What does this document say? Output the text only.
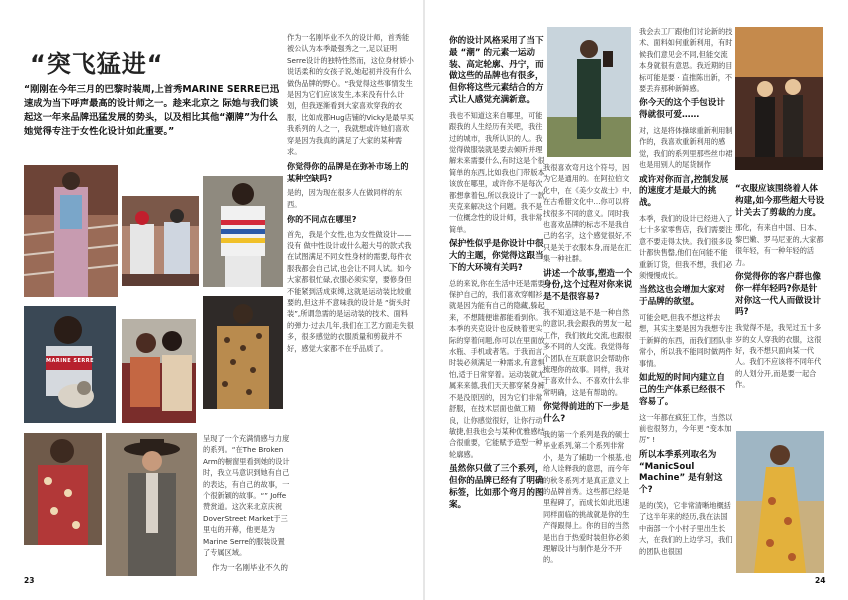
“突飞猛进“
“刚刚在今年三月的巴黎时装周,上首秀MARINE SERRE已迅速成为当下呼声最高的设计师之一。趁来北京之 际她与我们谈起这一年来品牌迅猛发展的势头，以及相比其他“潮牌”为什么她觉得专注于女性化设计如此重要。”
MARINE SERRE

作为一名刚毕业不久的设计师，首秀能被公认为本季最强秀之一,足以证明Serre设计的独特性然而，这位身材娇小说话柔和的女孩子说,她起初并没有什么做伪品牌的野心。“我觉得这些事情发生是因为它们应该发生,本来没有什么计划，但我逐渐看到大家喜欢穿我的衣服，比如成都Hug店铺的Vicky是最早买我系列的人之一，我就想或许她们喜欢穿是因为我真的满足了大家的某种需求。

你觉得你的品牌是在弥补市场上的某种空缺吗?

是的，因为现在很多人在做同样的东西。

你的不同点在哪里?

首先，我是个女性,也为女性做设计——没有 做中性设计或什么超大号的款式我在试图满足不同女性身材的需要,每件衣服我都会自己试,也会让不同人试。如今大家都很忙碌,衣服必须实穿，要修身但不能紧到活成束缚,这就是运动装比较重要的,但这并不意味我的设计是 “街头时装”,所谓急需的是运动装的技术、面料的弹力·过去几年,我们在工艺方面走失很多，很多感觉的衣服质量和剪裁并不好，感觉大家都不在乎品质了。

呈现了一个充满情感与力度的系列。“在The Broken Arm的橱窗里看到她的设计时，我立马意识到她有自己的表达，有自己的故事，一个很新颖的故事。“” Joffe赞赏道。这次来北京庆祝DoverStreet Market于三里屯的开幕，他更是为Marine Serre的服装设置了专属区域。

作为一名刚毕业不久的
23
你的设计风格采用了当下最 “潮” 的元素一运动装、高定轮廓、丹宁，而做这些的品牌也有很多，但你将这些元素结合的方式让人感觉充满新意。

我也不知道这来自哪里，可能跟我的人生经历有关吧，我往过的城市，我所认识的人。我觉得做服装就是要去倾听并理解未来需要什么,有时这是个很简单的东西,比如我也门带版本该放在哪里，或许你不是每次都想拿着包,所以我设计了一款夹克来解决这个问题。我不是一位概念性的设计师，我非常简单。

保护性似乎是你设计中很大的主题，你觉得这跟当下的大环境有关吗?

总的来说,你在生活中还是需要保护自己的，我们喜欢穿帽衫就是因为能有自己的隐藏,躲起来，不想随便谁都能看到你。本季的夹克设计也反映着更实际的穿着问题,你可以在里面放水瓶、手机或者笔。于我而言,时装必须满足一种需求,有意惧怕,适于日常穿着。运动装就尤属来来德,我们天天都穿紧身裤不是没原因的，因为它们非常舒服，在技术层面也做工精良，让你感觉很好，让你行动敏捷,但我也会与某种优雅感结合很重要，它能赋予造型一种轮廓感。

虽然你只做了三个系列，但你的品牌已经有了明确标签，比如那个弯月的图案。

我很喜欢弯月这个符号，因为它是通用的。在阿拉伯文化中，在《美少女战士》中,在古希腊文化中…你可以将找很多不同的意义。同时我也喜欢品牌的标志不是我自己的名字，这个感觉很好,不只是关于衣服本身,而是在汇集一种社群。

讲述一个故事,塑造一个身份,这个过程对你来说是不是很容易?

我不知道这是不是一种自然的意识,我会跟我的男友一起工作，我们彼此交流,也跟很多不同的人交流。我觉得每个团队在互联意识会帮助你梳理你的故事。同样，我对于喜欢什么、不喜欢什么非常明确，这是有帮助的。

你觉得前进的下一步是什么?

我的第一个系列是我的硕士毕业系列,第二个系列非常小，是为了辅助一个根基,也给人诠释我的意思，而今年的秋冬系列才是真正意义上的品牌首秀。这些都已经是里程碑了，而成长如此迅速同样面临的挑战就是你的生产得跟得上。你的目的当然是出自于热爱时装但你必须理解设计与制作是分不开的。

我会去工厂跟他们讨论新的技术、面料如何重新利用，有时候我们意见会不同,但能交流本身就很有意思。我近期的目标可能是要 · 直推陈出新，不要丢弃那种新鲜感。

你今天的这个手包设计得就很可爱……

对，这是将体操球重新利用制作的，我喜欢重新利用的感觉，我们的系列里那些丝巾裙也是用别人的尾货制作

或许对你而言,控制发展的速度才是最大的挑战。

本季，我们的设计已经进入了七十多家零售店，我们需要注意不要走得太快。我们很多设计都快售罄,他们在问能不能重新订货，但我不想，我们必须慢慢成长。

当然这也会增加大家对于品牌的欲望。

可能会吧,但我不想这样去想，其实主要是因为我想专注于新鲜的东西，而我们团队非常小，所以我不能同时做两件事情。

如此短的时间内建立自己的生产体系已经很不容易了。

这一年都在疯狂工作，当然以前也很努力，今年更 “变本加厉” !

所以本季系列取名为 “ManicSoul Machine” 是有射这个?

是的(笑)，它非常清晰地概括了这半年来的经历,我在法国中南部一个小村子里出生长大，在我们的上边学习，我们的团队也很国

“衣服应该围绕着人体构建,如今那些超大号设计关去了剪裁的力度。

那化，有来自中国、日本、黎巴嫩、罗马尼亚的,大家都很年轻，有一种年轻的活力。

你觉得你的客户群也像你一样年轻吗?你是针对你这一代人而做设计吗?

我觉得不是，我见过五十多岁的女人穿我的衣服，这很好，我不想只面向某一代人。我们不应该将不同年代的人划分开,而是要一起合作。

24
